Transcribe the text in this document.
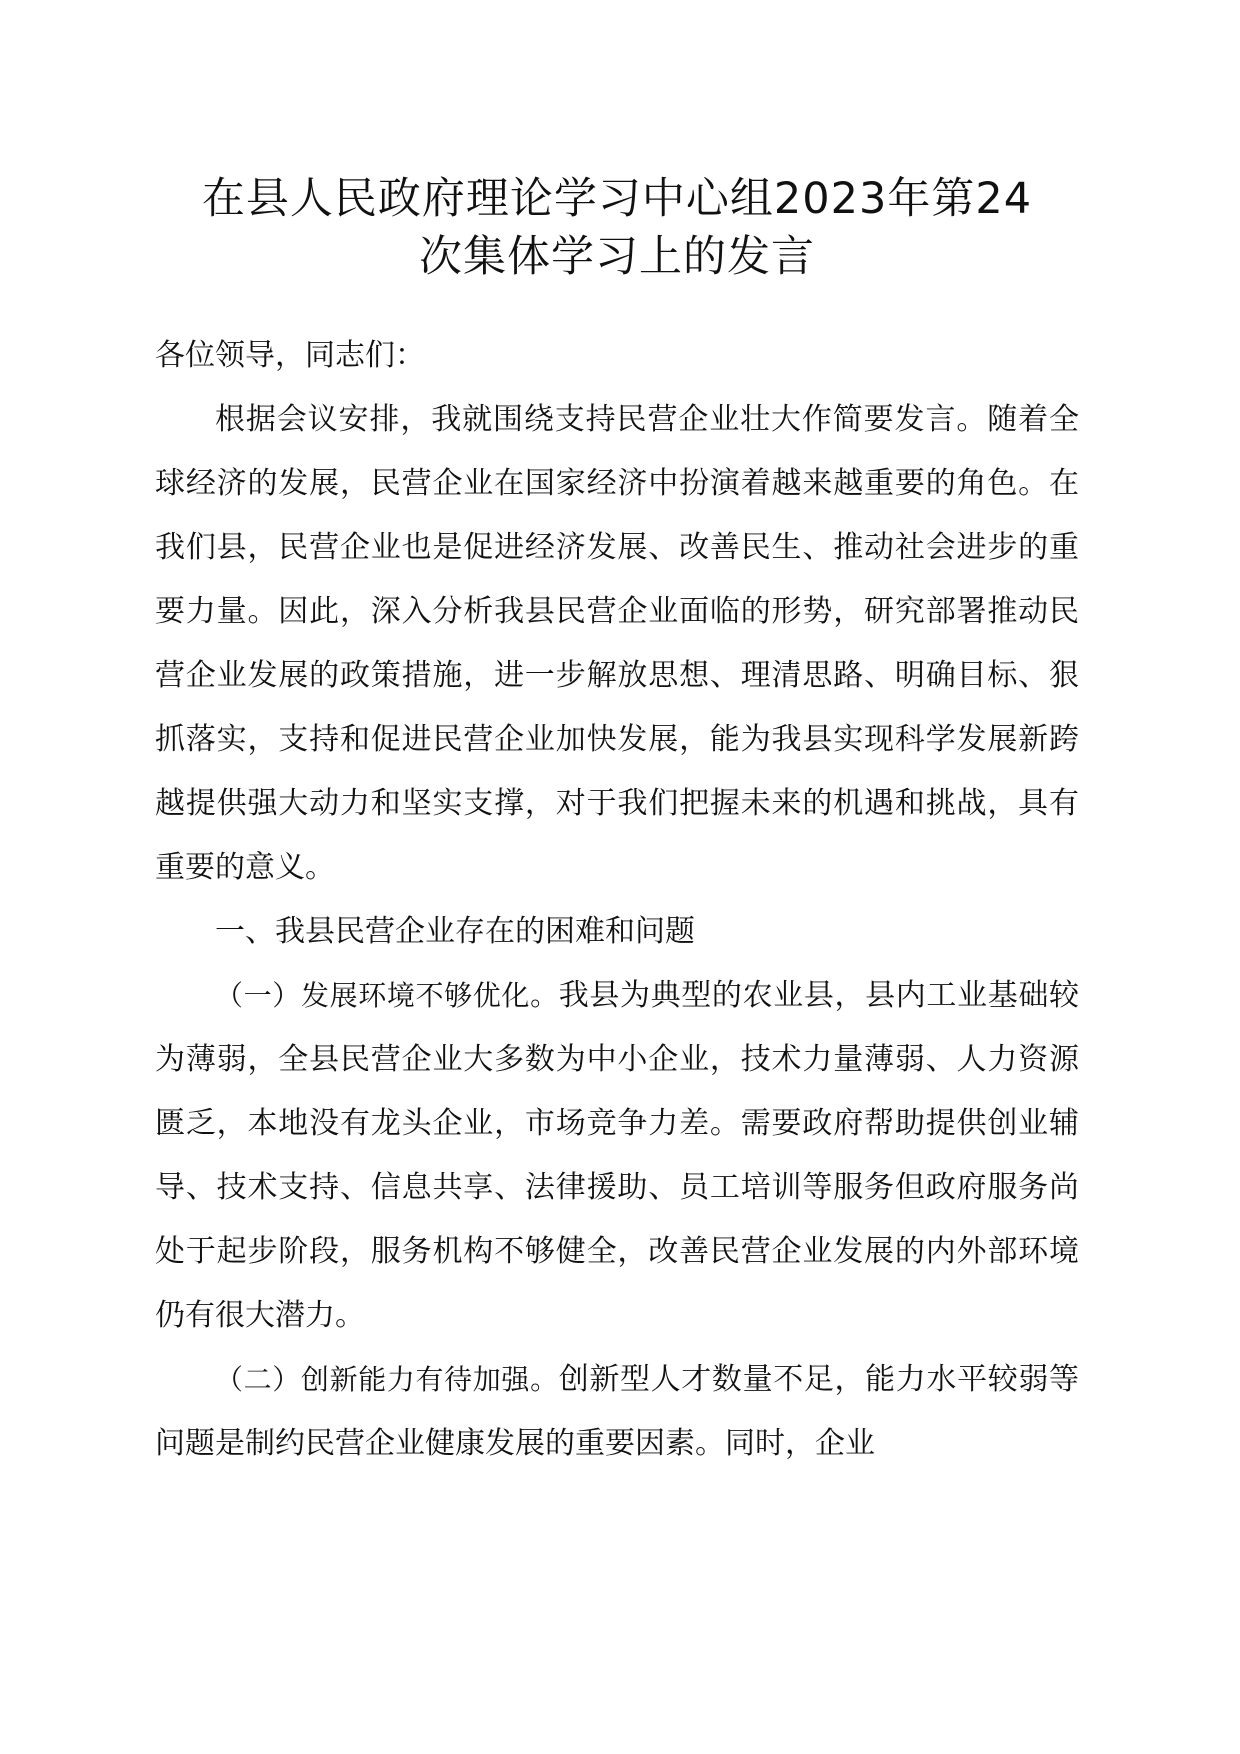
在县人民政府理论学习中心组2023年第24
次集体学习上的发言

各位领导，同志们：

根据会议安排，我就围绕支持民营企业壮大作简要发言。随着全球经济的发展，民营企业在国家经济中扮演着越来越重要的角色。在我们县，民营企业也是促进经济发展、改善民生、推动社会进步的重要力量。因此，深入分析我县民营企业面临的形势，研究部署推动民营企业发展的政策措施，进一步解放思想、理清思路、明确目标、狠抓落实，支持和促进民营企业加快发展，能为我县实现科学发展新跨越提供强大动力和坚实支撑，对于我们把握未来的机遇和挑战，具有重要的意义。

一、我县民营企业存在的困难和问题

（一）发展环境不够优化。我县为典型的农业县，县内工业基础较为薄弱，全县民营企业大多数为中小企业，技术力量薄弱、人力资源匮乏，本地没有龙头企业，市场竞争力差。需要政府帮助提供创业辅导、技术支持、信息共享、法律援助、员工培训等服务但政府服务尚处于起步阶段，服务机构不够健全，改善民营企业发展的内外部环境仍有很大潜力。

（二）创新能力有待加强。创新型人才数量不足，能力水平较弱等问题是制约民营企业健康发展的重要因素。同时，企业
